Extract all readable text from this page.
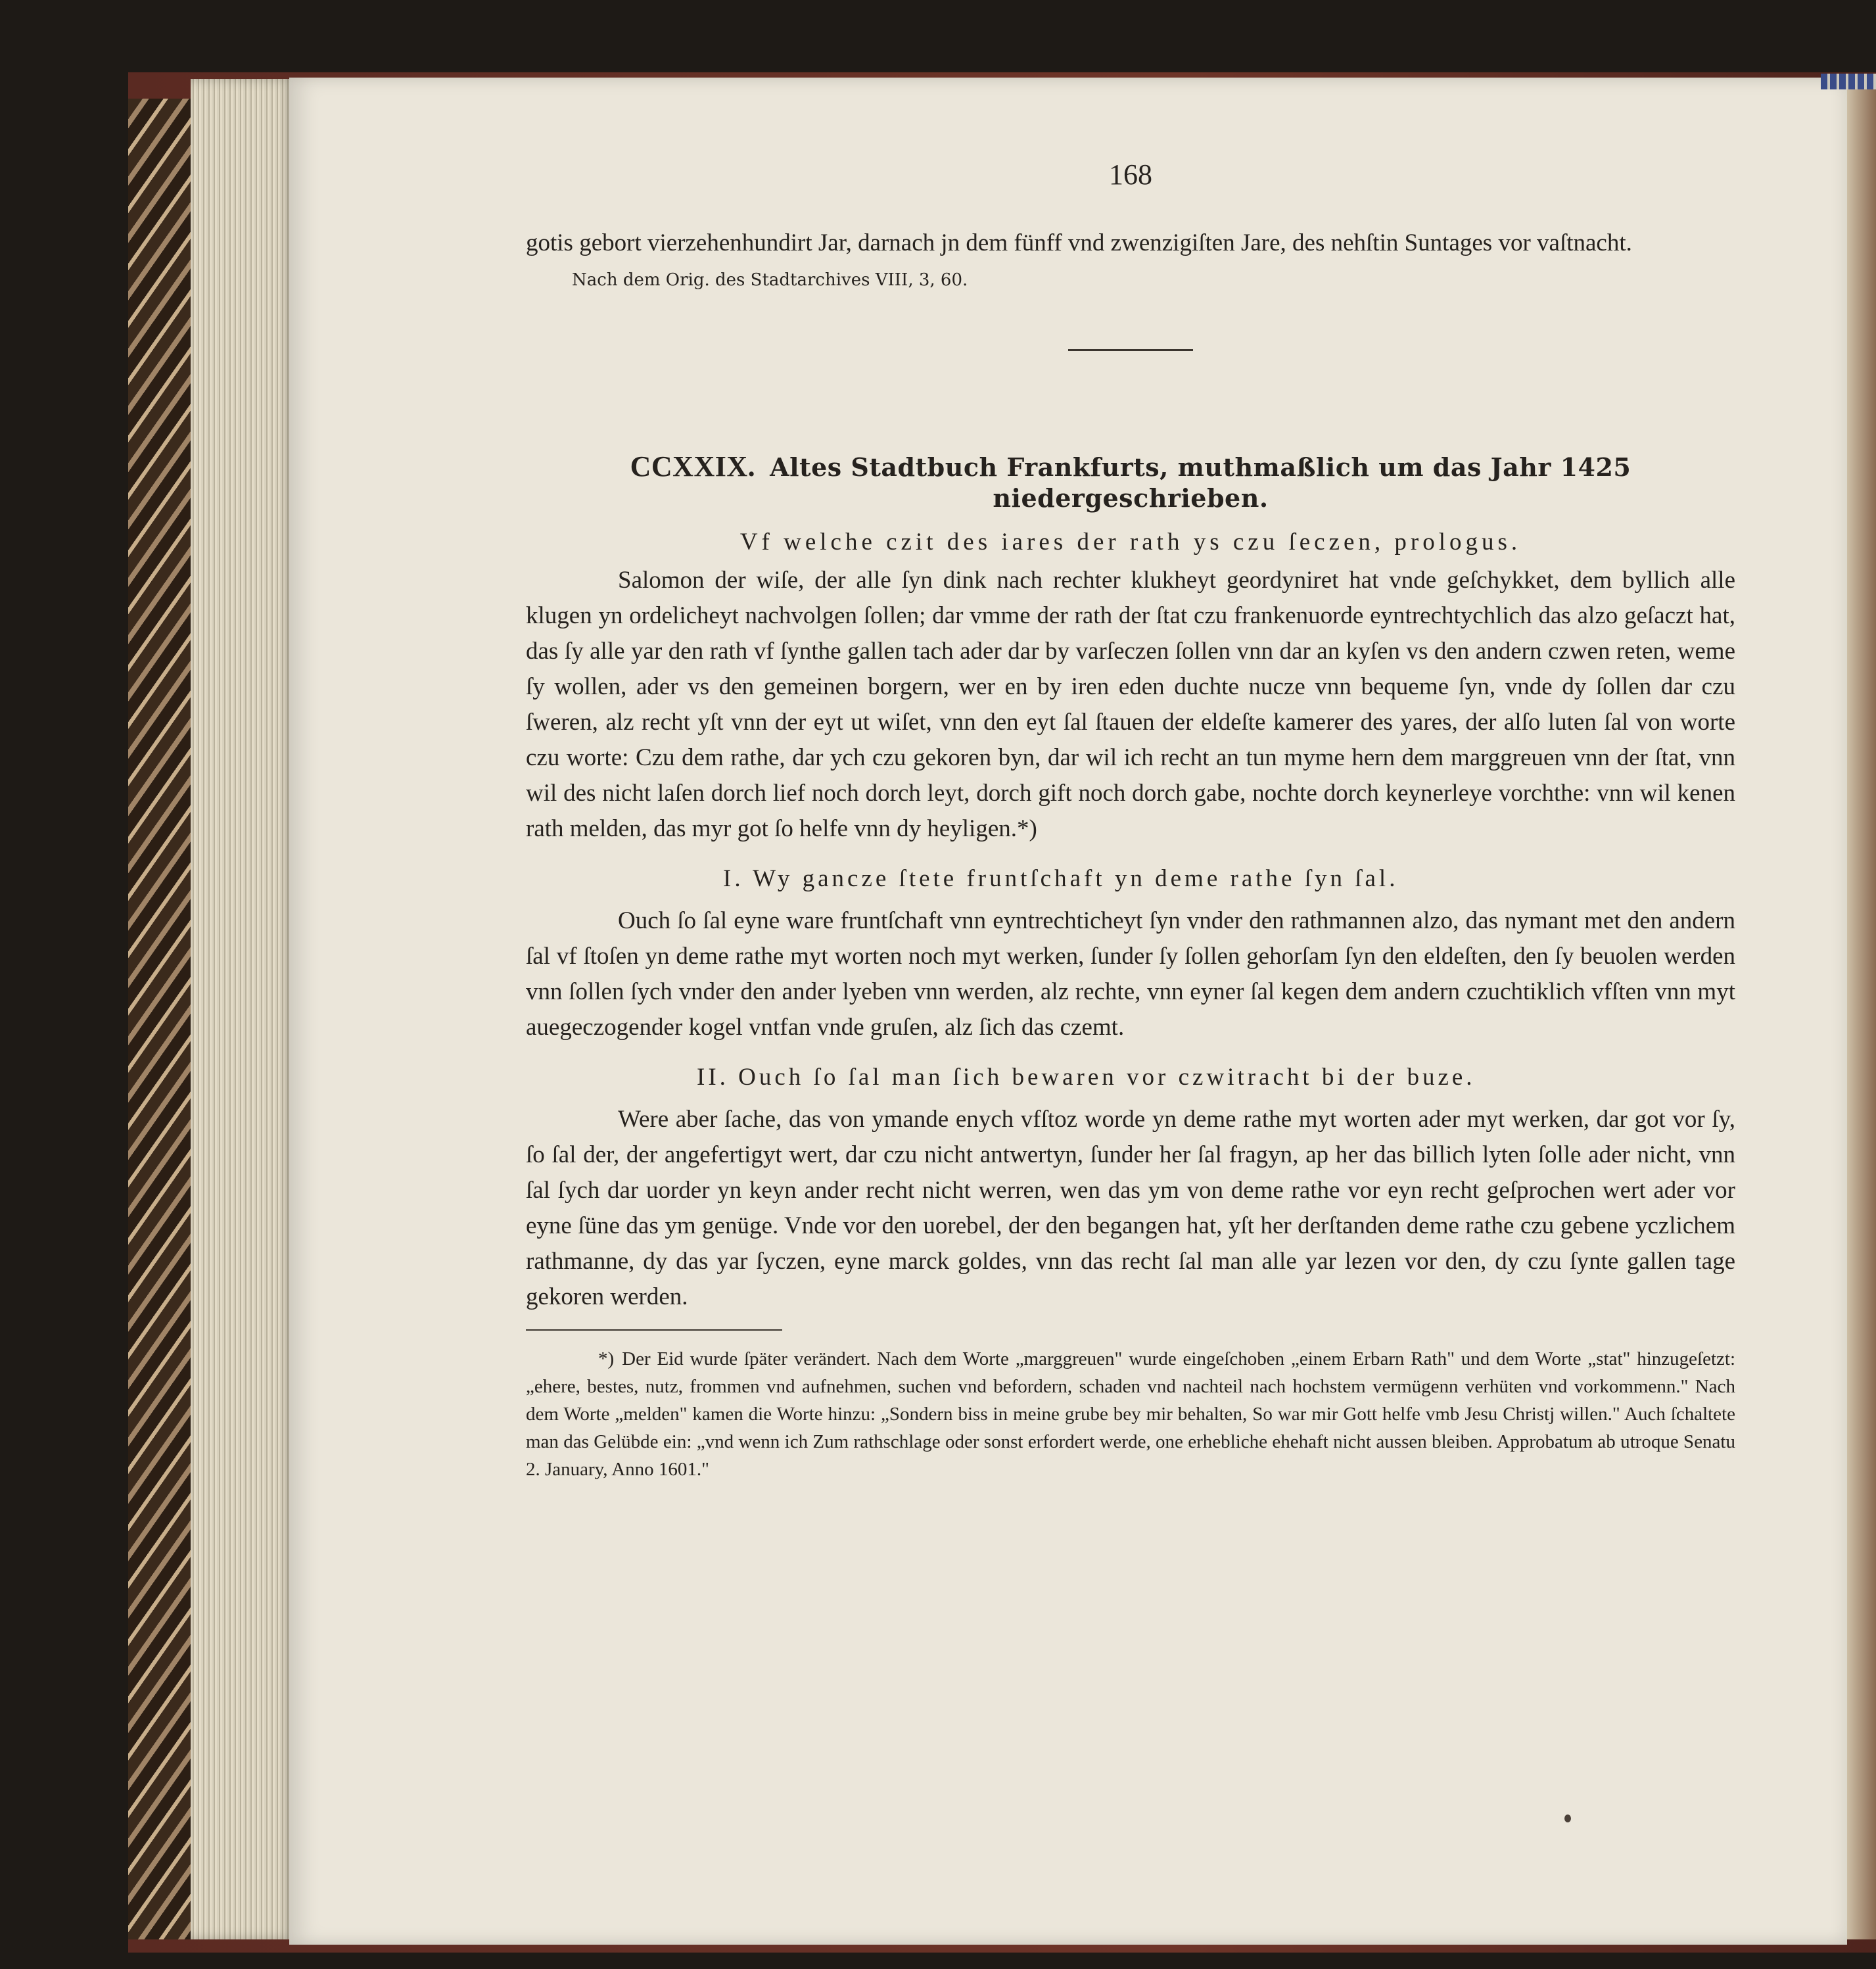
168

gotis gebort vierzehenhundirt Jar, darnach jn dem fünff vnd zwenzigiſten Jare, des nehſtin Suntages vor vaſtnacht.

Nach dem Orig. des Stadtarchives VIII, 3, 60.

CCXXIX. Altes Stadtbuch Frankfurts, muthmaßlich um das Jahr 1425 niedergeschrieben.
Vf welche czit des iares der rath ys czu ſeczen, prologus.

Salomon der wiſe, der alle ſyn dink nach rechter klukheyt geordyniret hat vnde geſchykket, dem byllich alle klugen yn ordelicheyt nachvolgen ſollen; dar vmme der rath der ſtat czu frankenuorde eyntrechtychlich das alzo geſaczt hat, das ſy alle yar den rath vf ſynthe gallen tach ader dar by varſeczen ſollen vnn dar an kyſen vs den andern czwen reten, weme ſy wollen, ader vs den gemeinen borgern, wer en by iren eden duchte nucze vnn bequeme ſyn, vnde dy ſollen dar czu ſweren, alz recht yſt vnn der eyt ut wiſet, vnn den eyt ſal ſtauen der eldeſte kamerer des yares, der alſo luten ſal von worte czu worte: Czu dem rathe, dar ych czu gekoren byn, dar wil ich recht an tun myme hern dem marggreuen vnn der ſtat, vnn wil des nicht laſen dorch lief noch dorch leyt, dorch gift noch dorch gabe, nochte dorch keynerleye vorchthe: vnn wil kenen rath melden, das myr got ſo helfe vnn dy heyligen.*)

I. Wy gancze ſtete fruntſchaft yn deme rathe ſyn ſal.

Ouch ſo ſal eyne ware fruntſchaft vnn eyntrechticheyt ſyn vnder den rathmannen alzo, das nymant met den andern ſal vf ſtoſen yn deme rathe myt worten noch myt werken, ſunder ſy ſollen gehorſam ſyn den eldeſten, den ſy beuolen werden vnn ſollen ſych vnder den ander lyeben vnn werden, alz rechte, vnn eyner ſal kegen dem andern czuchtiklich vfſten vnn myt auegeczogender kogel vntfan vnde gruſen, alz ſich das czemt.

II. Ouch ſo ſal man ſich bewaren vor czwitracht bi der buze.

Were aber ſache, das von ymande enych vfſtoz worde yn deme rathe myt worten ader myt werken, dar got vor ſy, ſo ſal der, der angefertigyt wert, dar czu nicht antwertyn, ſunder her ſal fragyn, ap her das billich lyten ſolle ader nicht, vnn ſal ſych dar uorder yn keyn ander recht nicht werren, wen das ym von deme rathe vor eyn recht geſprochen wert ader vor eyne ſüne das ym genüge. Vnde vor den uorebel, der den begangen hat, yſt her derſtanden deme rathe czu gebene yczlichem rathmanne, dy das yar ſyczen, eyne marck goldes, vnn das recht ſal man alle yar lezen vor den, dy czu ſynte gallen tage gekoren werden.

*) Der Eid wurde ſpäter verändert. Nach dem Worte „marggreuen" wurde eingeſchoben „einem Erbarn Rath" und dem Worte „stat" hinzugeſetzt: „ehere, bestes, nutz, frommen vnd aufnehmen, suchen vnd befordern, schaden vnd nachteil nach hochstem vermügenn verhüten vnd vorkommenn." Nach dem Worte „melden" kamen die Worte hinzu: „Sondern biss in meine grube bey mir behalten, So war mir Gott helfe vmb Jesu Christj willen." Auch ſchaltete man das Gelübde ein: „vnd wenn ich Zum rathschlage oder sonst erfordert werde, one erhebliche ehehaft nicht aussen bleiben. Approbatum ab utroque Senatu 2. January, Anno 1601."
